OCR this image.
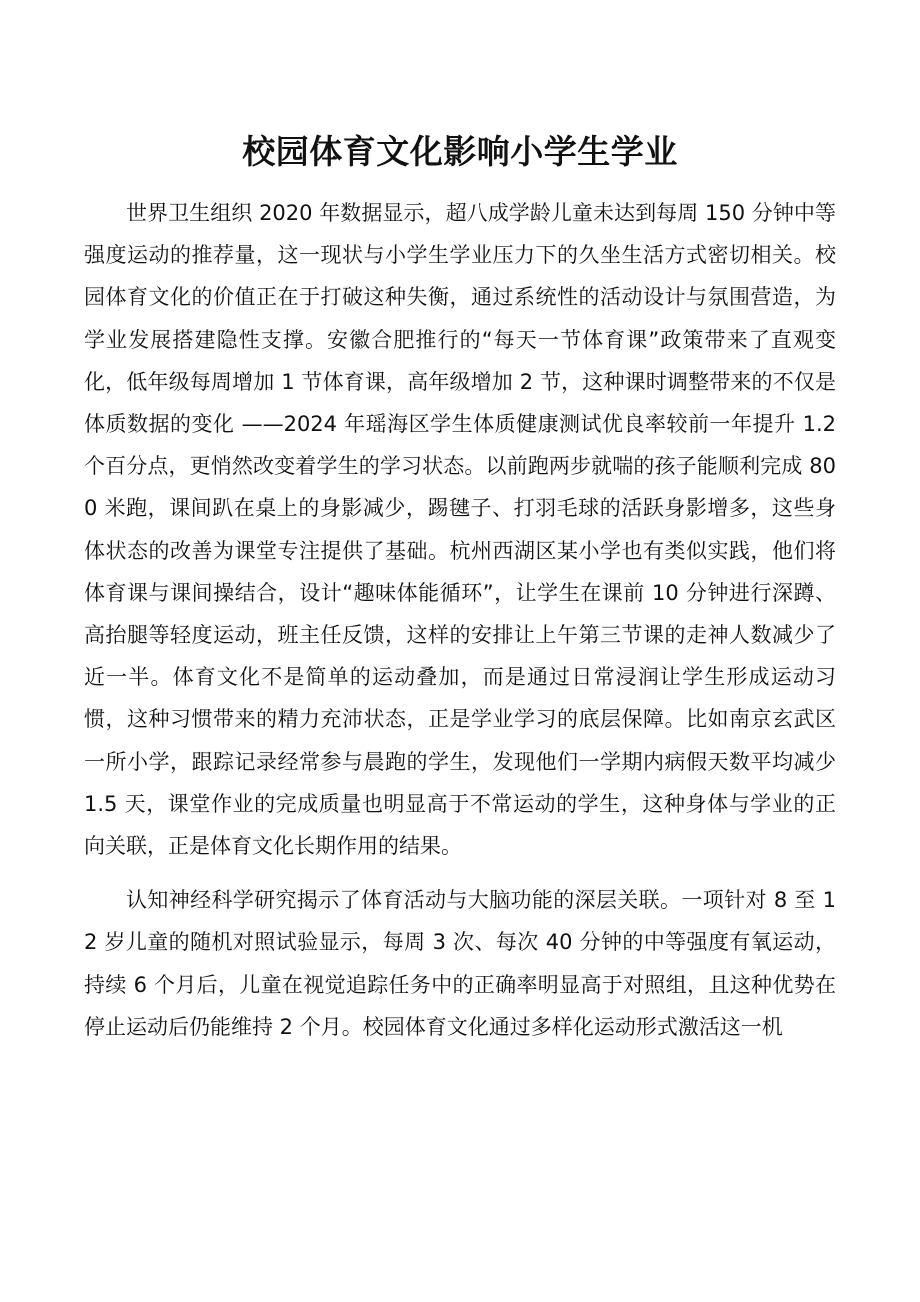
校园体育文化影响小学生学业

世界卫生组织 2020 年数据显示，超八成学龄儿童未达到每周 150 分钟中等强度运动的推荐量，这一现状与小学生学业压力下的久坐生活方式密切相关。校园体育文化的价值正在于打破这种失衡，通过系统性的活动设计与氛围营造，为学业发展搭建隐性支撑。安徽合肥推行的“每天一节体育课”政策带来了直观变化，低年级每周增加 1 节体育课，高年级增加 2 节，这种课时调整带来的不仅是体质数据的变化 ——2024 年瑶海区学生体质健康测试优良率较前一年提升 1.2 个百分点，更悄然改变着学生的学习状态。以前跑两步就喘的孩子能顺利完成 800 米跑，课间趴在桌上的身影减少，踢毽子、打羽毛球的活跃身影增多，这些身体状态的改善为课堂专注提供了基础。杭州西湖区某小学也有类似实践，他们将体育课与课间操结合，设计“趣味体能循环”，让学生在课前 10 分钟进行深蹲、高抬腿等轻度运动，班主任反馈，这样的安排让上午第三节课的走神人数减少了近一半。体育文化不是简单的运动叠加，而是通过日常浸润让学生形成运动习惯，这种习惯带来的精力充沛状态，正是学业学习的底层保障。比如南京玄武区一所小学，跟踪记录经常参与晨跑的学生，发现他们一学期内病假天数平均减少 1.5 天，课堂作业的完成质量也明显高于不常运动的学生，这种身体与学业的正向关联，正是体育文化长期作用的结果。

认知神经科学研究揭示了体育活动与大脑功能的深层关联。一项针对 8 至 12 岁儿童的随机对照试验显示，每周 3 次、每次 40 分钟的中等强度有氧运动，持续 6 个月后，儿童在视觉追踪任务中的正确率明显高于对照组，且这种优势在停止运动后仍能维持 2 个月。校园体育文化通过多样化运动形式激活这一机
